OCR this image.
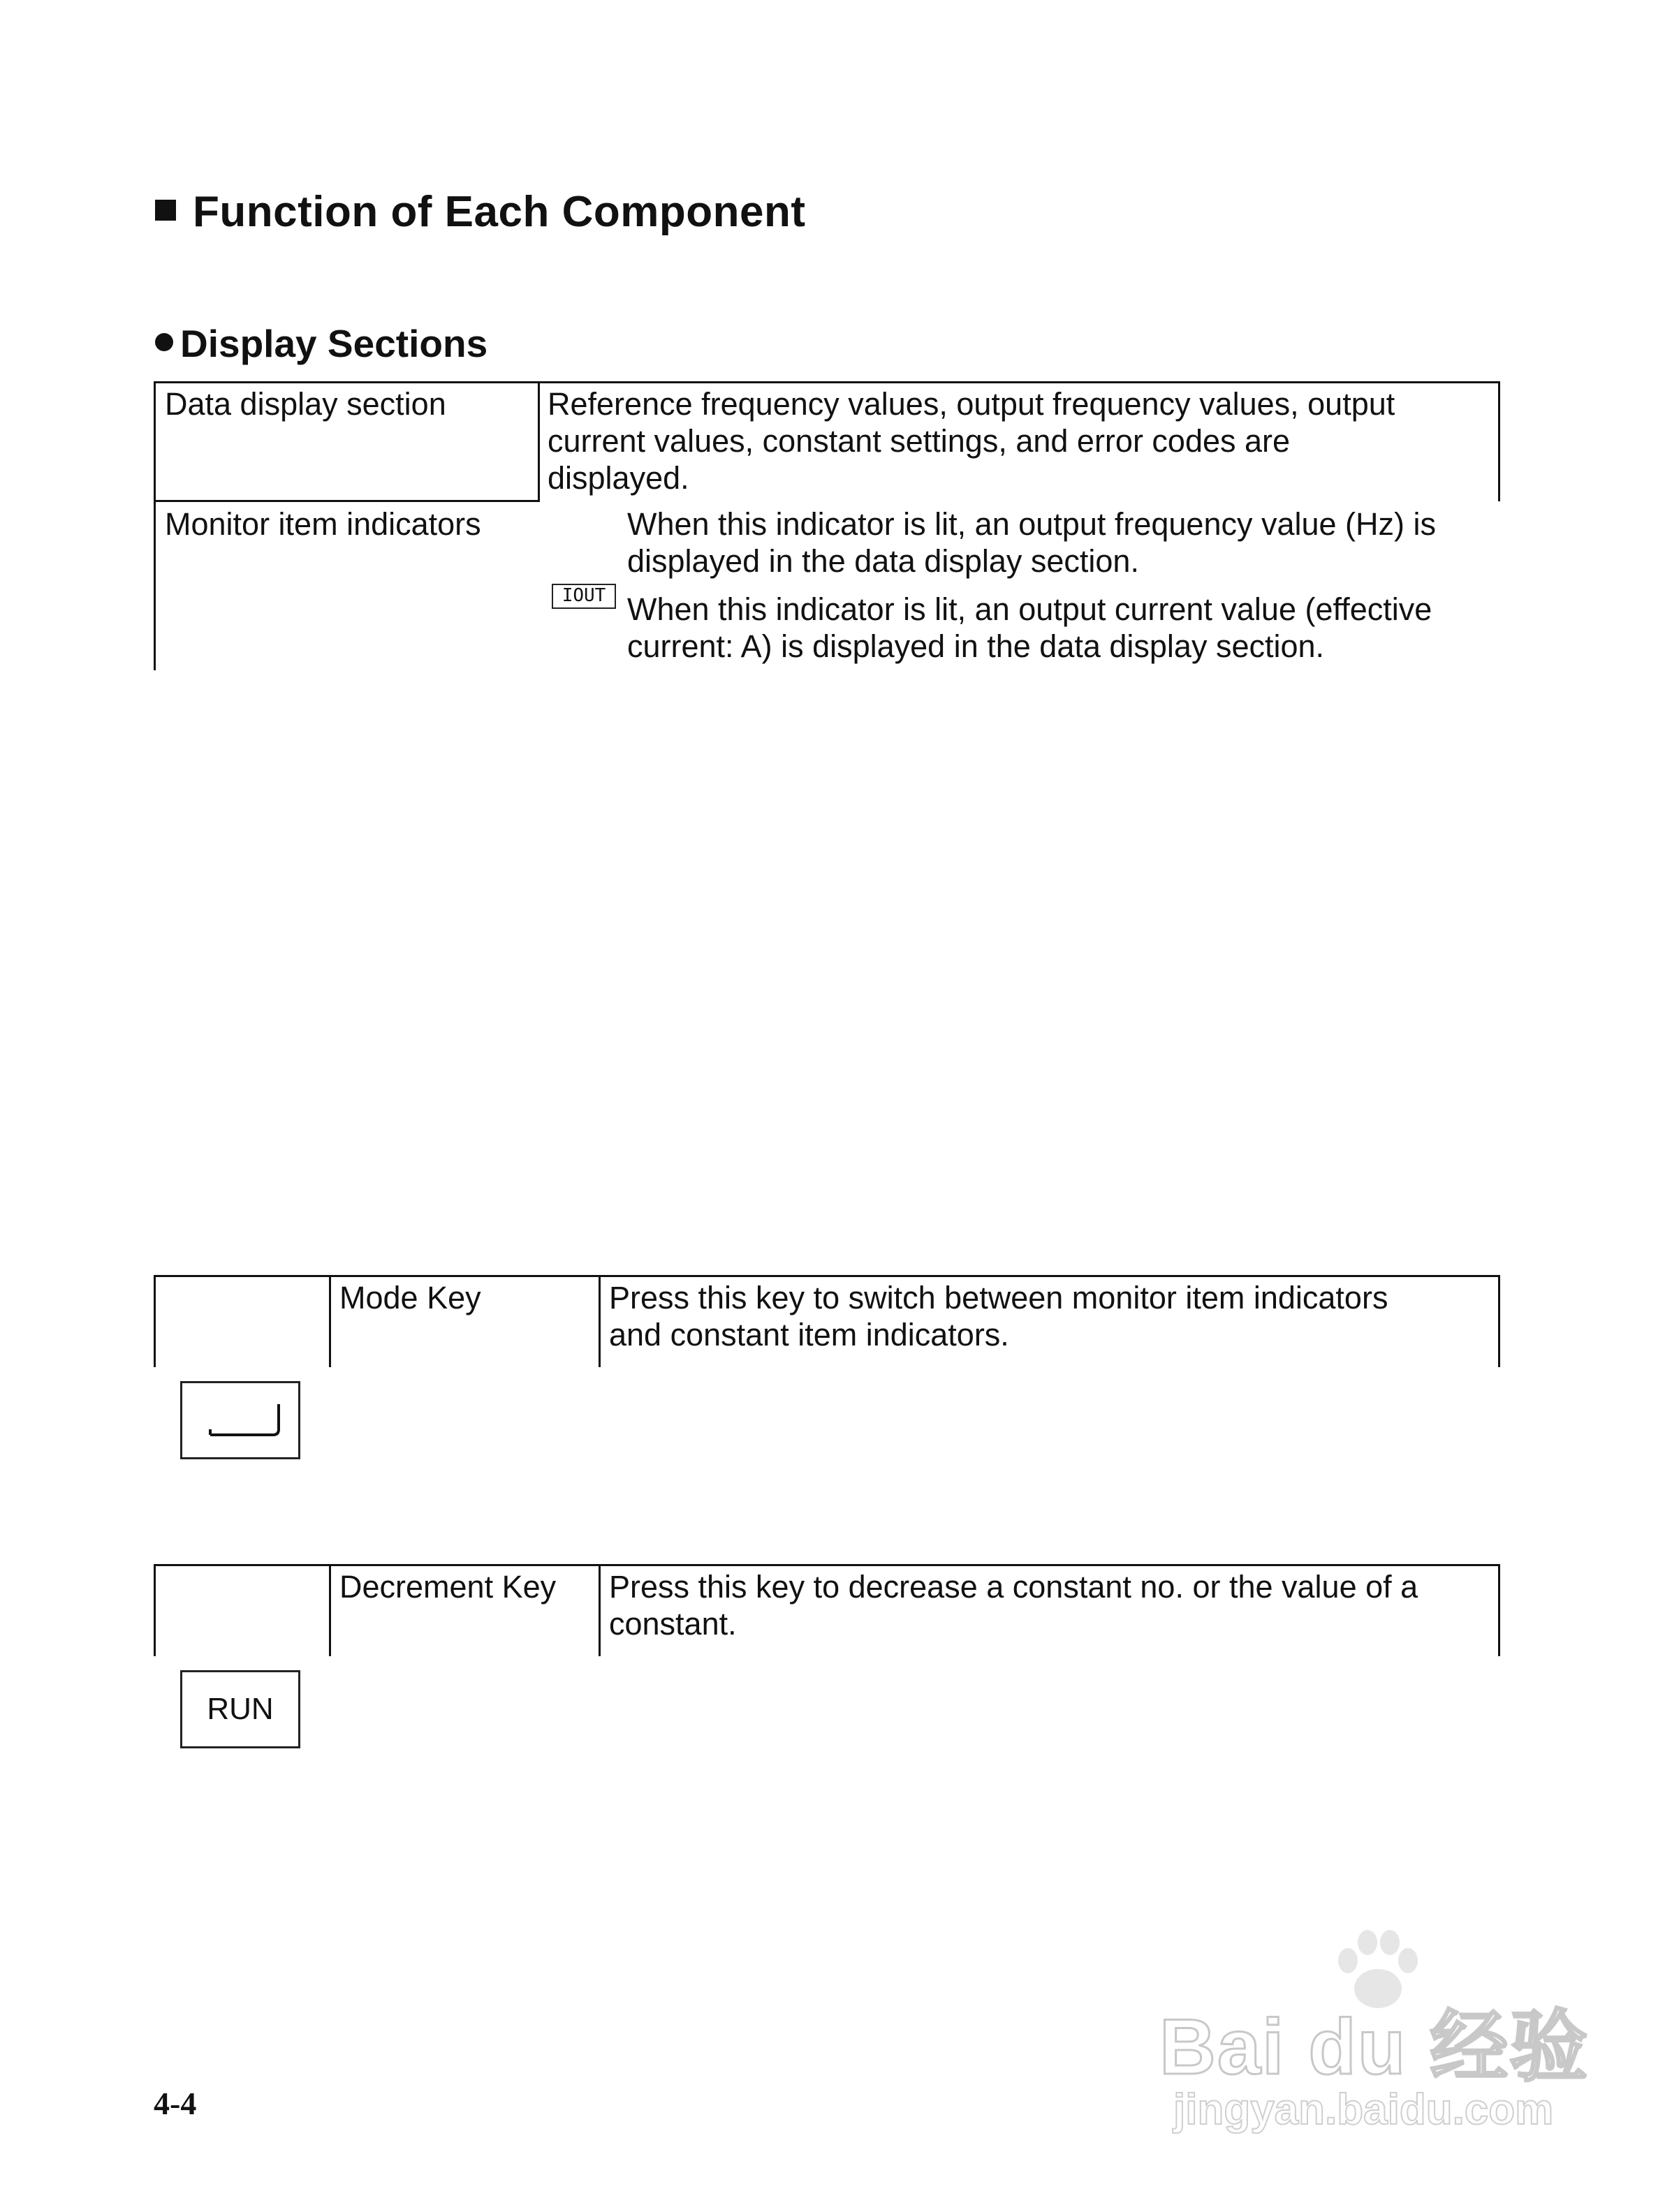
Function of Each Component
Display Sections
Data display section	Reference frequency values, output frequency values, output
current values, constant settings, and error codes are
displayed.
Monitor item indicators	When this indicator is lit, an output frequency value (Hz) is
displayed in the data display section.
IOUT When this indicator is lit, an output current value (effective
current: A) is displayed in the data display section.
Mode Key	Press this key to switch between monitor item indicators
and constant item indicators.
Decrement Key	Press this key to decrease a constant no. or the value of a
constant.
RUN
4-4
Bai du 经验
jingyan.baidu.com
